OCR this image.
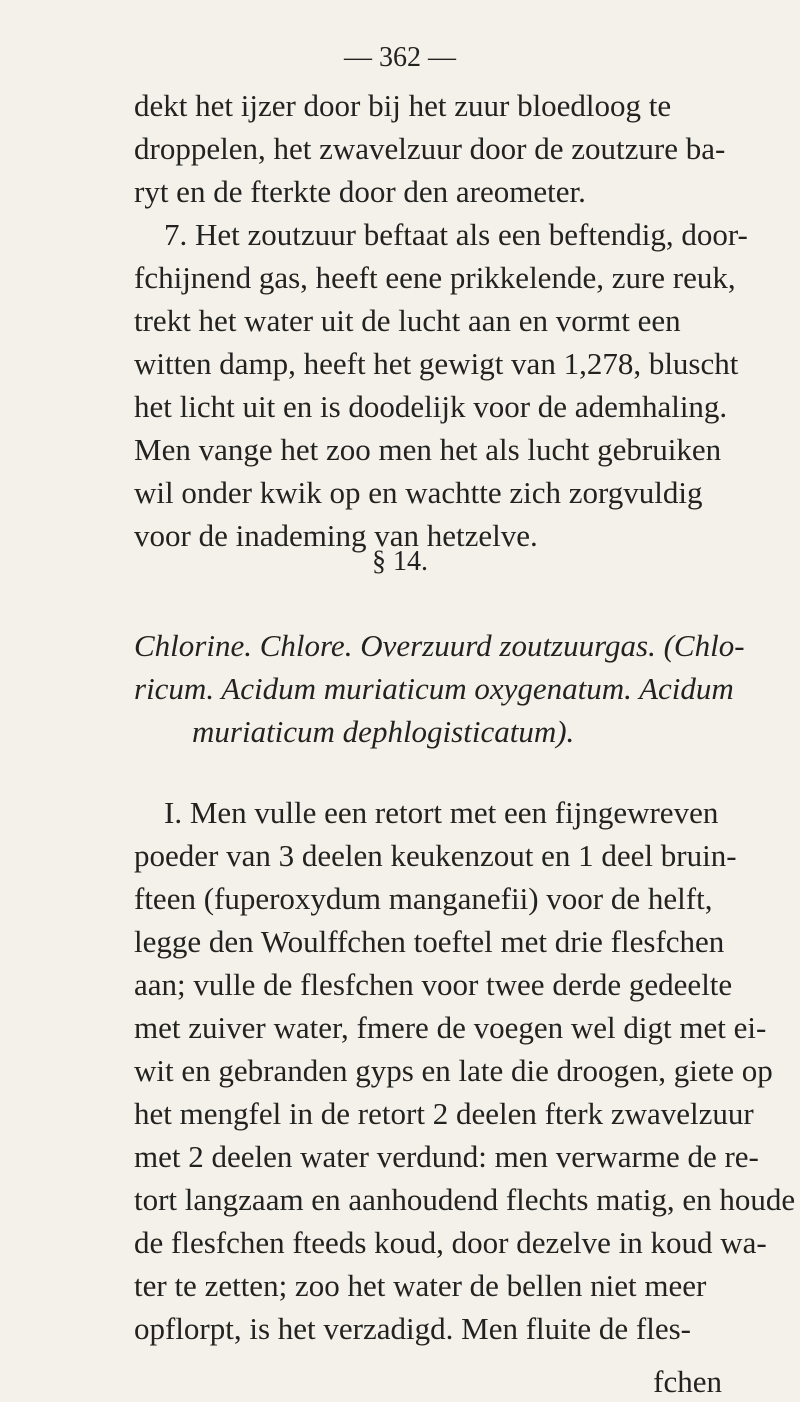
— 362 —
dekt het ijzer door bij het zuur bloedloog te
droppelen, het zwavelzuur door de zoutzure ba-
ryt en de fterkte door den areometer.
7. Het zoutzuur beftaat als een beftendig, door-
fchijnend gas, heeft eene prikkelende, zure reuk,
trekt het water uit de lucht aan en vormt een
witten damp, heeft het gewigt van 1,278, bluscht
het licht uit en is doodelijk voor de ademhaling.
Men vange het zoo men het als lucht gebruiken
wil onder kwik op en wachtte zich zorgvuldig
voor de inademing van hetzelve.
§ 14.
Chlorine. Chlore. Overzuurd zoutzuurgas. (Chlo-
ricum. Acidum muriaticum oxygenatum. Acidum
muriaticum dephlogisticatum).
I. Men vulle een retort met een fijngewreven
poeder van 3 deelen keukenzout en 1 deel bruin-
fteen (fuperoxydum manganefii) voor de helft,
legge den Woulffchen toeftel met drie flesfchen
aan; vulle de flesfchen voor twee derde gedeelte
met zuiver water, fmere de voegen wel digt met ei-
wit en gebranden gyps en late die droogen, giete op
het mengfel in de retort 2 deelen fterk zwavelzuur
met 2 deelen water verdund: men verwarme de re-
tort langzaam en aanhoudend flechts matig, en houde
de flesfchen fteeds koud, door dezelve in koud wa-
ter te zetten; zoo het water de bellen niet meer
opflorpt, is het verzadigd. Men fluite de fles-
fchen
